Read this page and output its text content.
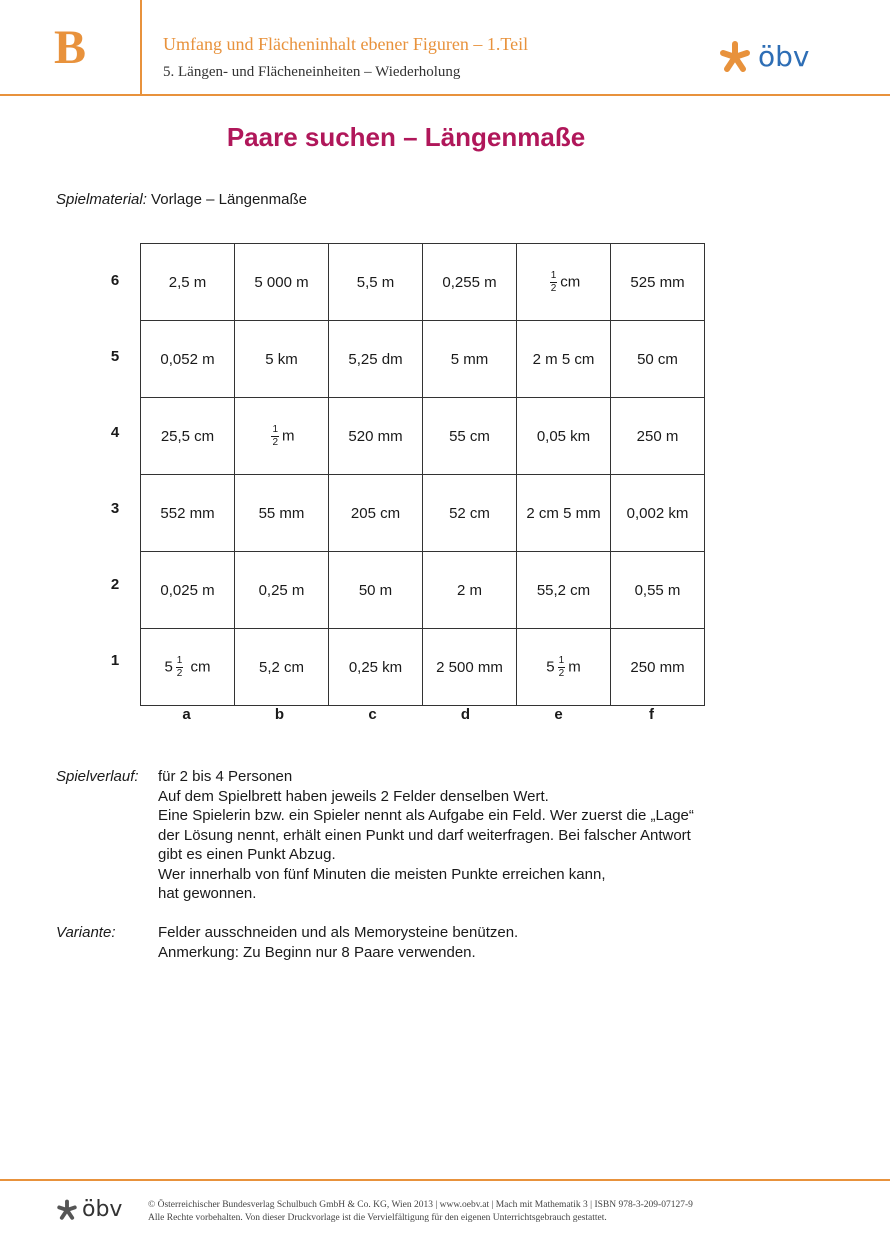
B	Umfang und Flächeninhalt ebener Figuren – 1.Teil
5. Längen- und Flächeneinheiten – Wiederholung	öbv
Paare suchen – Längenmaße
Spielmaterial: Vorlage – Längenmaße
6
5
4
3
2
1
2,5 m	5 000 m	5,5 m	0,255 m	$\frac{1}{2}$ cm	525 mm
0,052 m	5 km	5,25 dm	5 mm	2 m 5 cm	50 cm
25,5 cm	$\frac{1}{2}$ m	520 mm	55 cm	0,05 km	250 m
552 mm	55 mm	205 cm	52 cm	2 cm 5 mm	0,002 km
0,025 m	0,25 m	50 m	2 m	55,2 cm	0,55 m
$5 \frac{1}{2}$ cm	5,2 cm	0,25 km	2 500 mm	$5 \frac{1}{2}$ m	250 mm
a	b	c	d	e	f
Spielverlauf: für 2 bis 4 Personen
Auf dem Spielbrett haben jeweils 2 Felder denselben Wert.
Eine Spielerin bzw. ein Spieler nennt als Aufgabe ein Feld. Wer zuerst die „Lage“
der Lösung nennt, erhält einen Punkt und darf weiterfragen. Bei falscher Antwort
gibt es einen Punkt Abzug.
Wer innerhalb von fünf Minuten die meisten Punkte erreichen kann,
hat gewonnen.
Variante:	Felder ausschneiden und als Memorysteine benützen.
Anmerkung: Zu Beginn nur 8 Paare verwenden.
öbv	© Österreichischer Bundesverlag Schulbuch GmbH & Co. KG, Wien 2013 | www.oebv.at | Mach mit Mathematik 3 | ISBN 978-3-209-07127-9
Alle Rechte vorbehalten. Von dieser Druckvorlage ist die Vervielfältigung für den eigenen Unterrichtsgebrauch gestattet.
